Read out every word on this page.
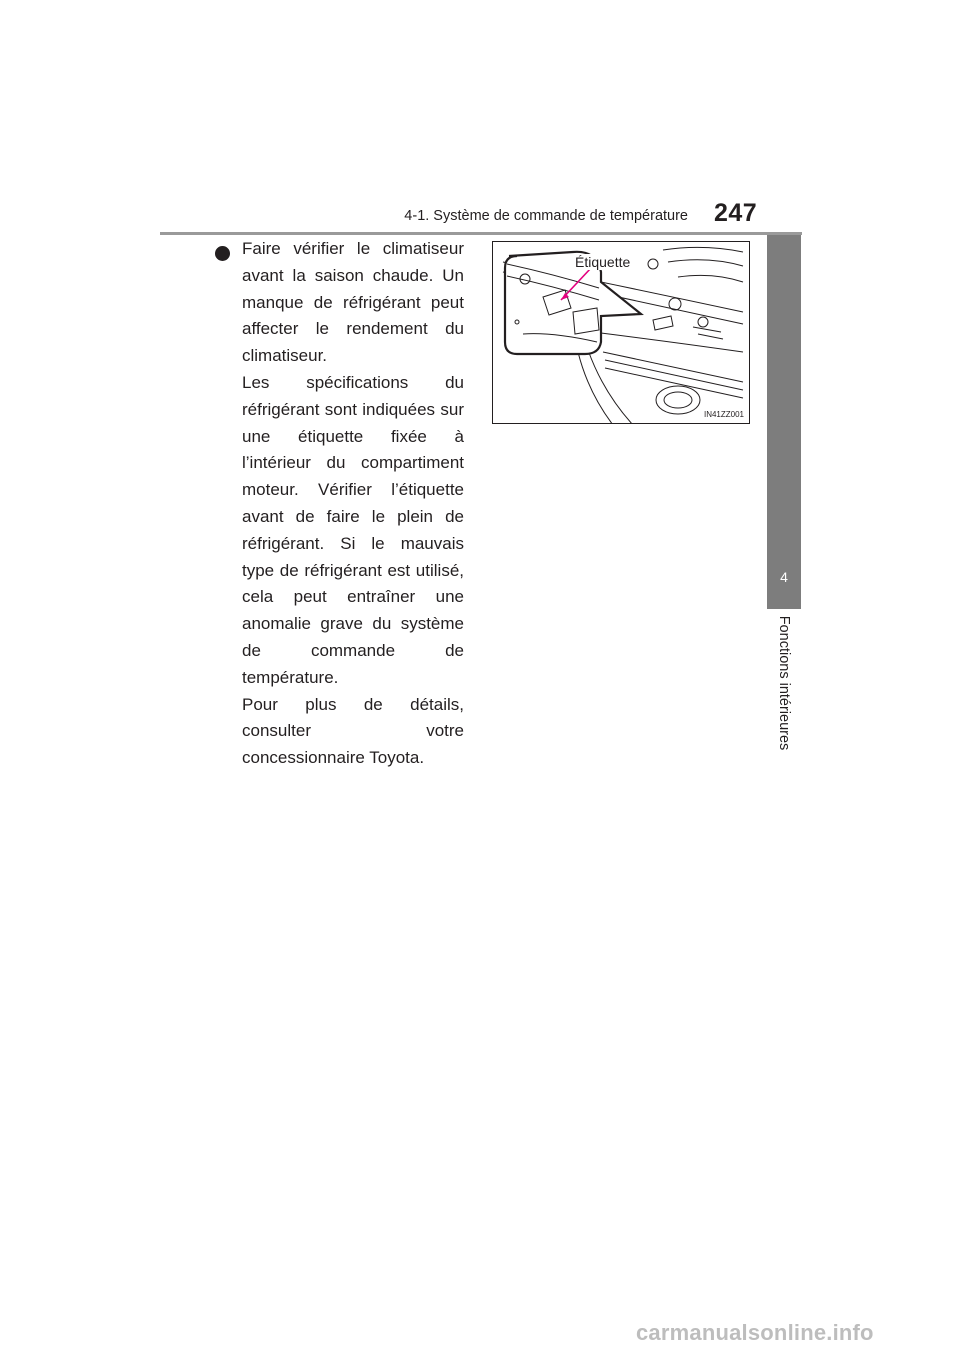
4-1. Système de commande de température 247
4
Fonctions intérieures

Faire vérifier le climatiseur avant la saison chaude. Un manque de réfrigérant peut affecter le rendement du climatiseur.

Les spécifications du réfrigérant sont indiquées sur une étiquette fixée à l’intérieur du compartiment moteur. Vérifier l’étiquette avant de faire le plein de réfrigérant. Si le mauvais type de réfrigérant est utilisé, cela peut entraîner une anomalie grave du système de commande de température.

Pour plus de détails, consulter votre concessionnaire Toyota.

Étiquette
IN41ZZ001
carmanualsonline.info
